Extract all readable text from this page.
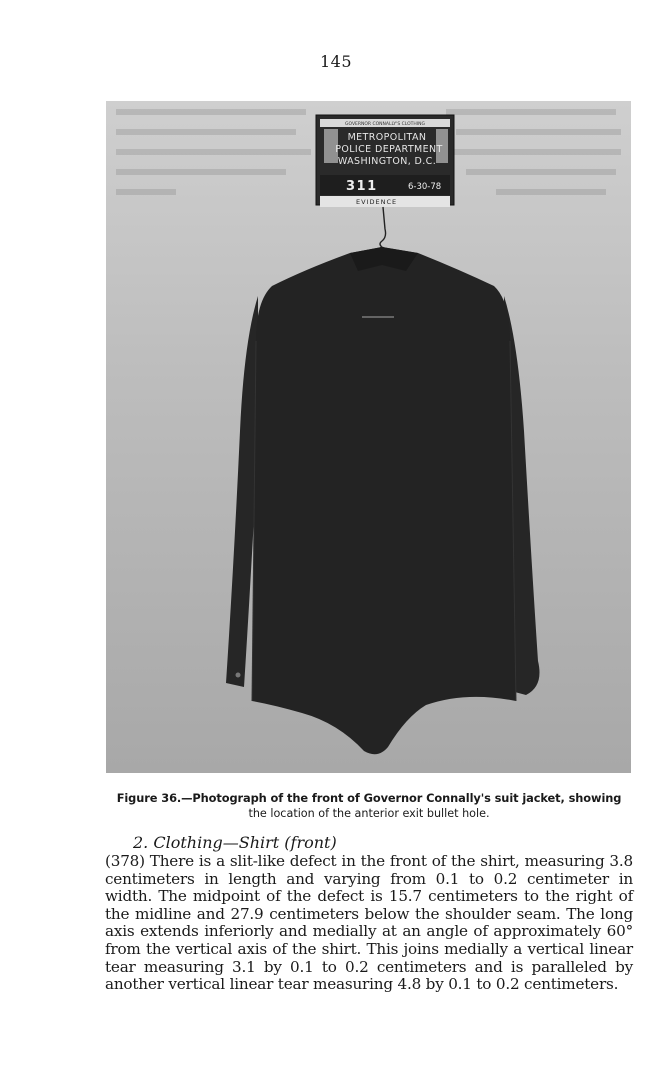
145
GOVERNOR CONNALLY'S CLOTHING
METROPOLITAN
POLICE DEPARTMENT
WASHINGTON, D.C.
311	6-30-78
EVIDENCE
Figure 36.—Photograph of the front of Governor Connally's suit jacket, showing
the location of the anterior exit bullet hole.
2. Clothing—Shirt (front)
(378) There is a slit-like defect in the front of the shirt, measuring 3.8 centimeters in length and varying from 0.1 to 0.2 centimeter in width. The midpoint of the defect is 15.7 centimeters to the right of the midline and 27.9 centimeters below the shoulder seam. The long axis extends inferiorly and medially at an angle of approximately 60° from the vertical axis of the shirt. This joins medially a vertical linear tear measuring 3.1 by 0.1 to 0.2 centimeters and is paralleled by another vertical linear tear measuring 4.8 by 0.1 to 0.2 centimeters.
